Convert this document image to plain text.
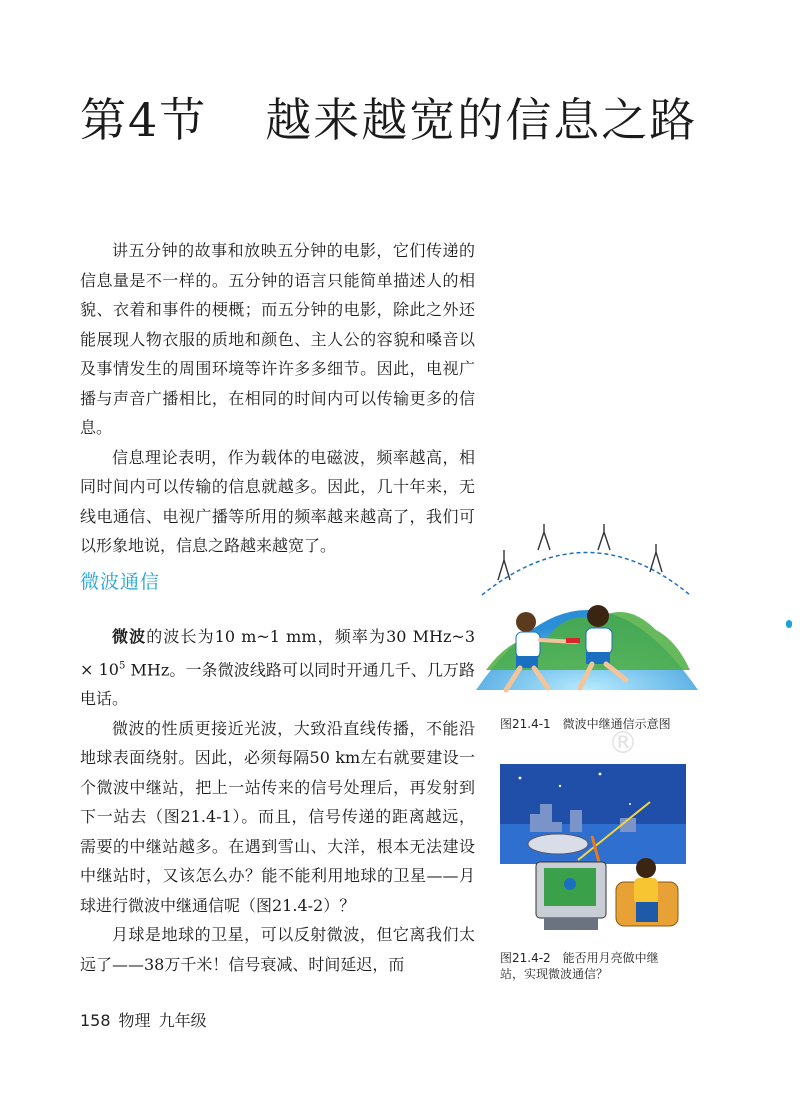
第4节 越来越宽的信息之路

讲五分钟的故事和放映五分钟的电影，它们传递的信息量是不一样的。五分钟的语言只能简单描述人的相貌、衣着和事件的梗概；而五分钟的电影，除此之外还能展现人物衣服的质地和颜色、主人公的容貌和嗓音以及事情发生的周围环境等许许多多细节。因此，电视广播与声音广播相比，在相同的时间内可以传输更多的信息。

信息理论表明，作为载体的电磁波，频率越高，相同时间内可以传输的信息就越多。因此，几十年来，无线电通信、电视广播等所用的频率越来越高了，我们可以形象地说，信息之路越来越宽了。

微波通信

微波的波长为10 m~1 mm，频率为30 MHz~3 × $10^5$ MHz。一条微波线路可以同时开通几千、几万路电话。

微波的性质更接近光波，大致沿直线传播，不能沿地球表面绕射。因此，必须每隔50 km左右就要建设一个微波中继站，把上一站传来的信号处理后，再发射到下一站去（图21.4-1）。而且，信号传递的距离越远，需要的中继站越多。在遇到雪山、大洋，根本无法建设中继站时，又该怎么办？能不能利用地球的卫星——月球进行微波中继通信呢（图21.4-2）？

月球是地球的卫星，可以反射微波，但它离我们太远了——38万千米！信号衰减、时间延迟，而

图21.4-1　微波中继通信示意图
®
图21.4-2　能否用月亮做中继
站，实现微波通信？
158 物理 九年级
